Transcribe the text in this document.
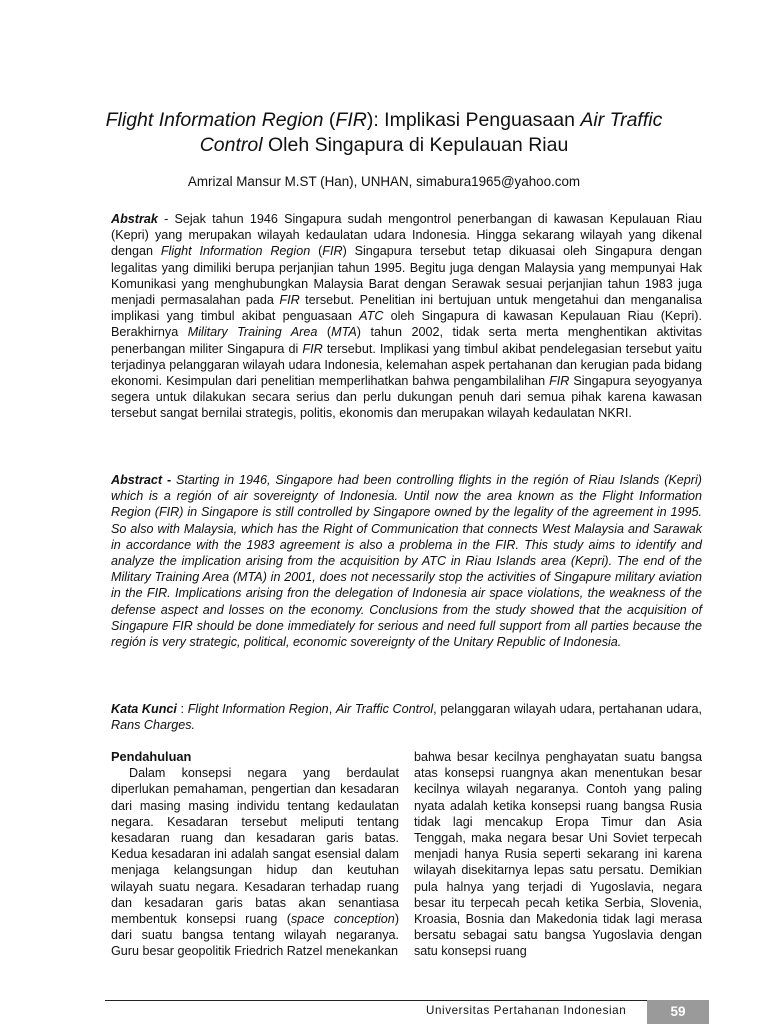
Flight Information Region (FIR): Implikasi Penguasaan Air Traffic Control Oleh Singapura di Kepulauan Riau
Amrizal Mansur M.ST (Han), UNHAN, simabura1965@yahoo.com

Abstrak - Sejak tahun 1946 Singapura sudah mengontrol penerbangan di kawasan Kepulauan Riau (Kepri) yang merupakan wilayah kedaulatan udara Indonesia. Hingga sekarang wilayah yang dikenal dengan Flight Information Region (FIR) Singapura tersebut tetap dikuasai oleh Singapura dengan legalitas yang dimiliki berupa perjanjian tahun 1995. Begitu juga dengan Malaysia yang mempunyai Hak Komunikasi yang menghubungkan Malaysia Barat dengan Serawak sesuai perjanjian tahun 1983 juga menjadi permasalahan pada FIR tersebut. Penelitian ini bertujuan untuk mengetahui dan menganalisa implikasi yang timbul akibat penguasaan ATC oleh Singapura di kawasan Kepulauan Riau (Kepri). Berakhirnya Military Training Area (MTA) tahun 2002, tidak serta merta menghentikan aktivitas penerbangan militer Singapura di FIR tersebut. Implikasi yang timbul akibat pendelegasian tersebut yaitu terjadinya pelanggaran wilayah udara Indonesia, kelemahan aspek pertahanan dan kerugian pada bidang ekonomi. Kesimpulan dari penelitian memperlihatkan bahwa pengambilalihan FIR Singapura seyogyanya segera untuk dilakukan secara serius dan perlu dukungan penuh dari semua pihak karena kawasan tersebut sangat bernilai strategis, politis, ekonomis dan merupakan wilayah kedaulatan NKRI.

Abstract - Starting in 1946, Singapore had been controlling flights in the región of Riau Islands (Kepri) which is a región of air sovereignty of Indonesia. Until now the area known as the Flight Information Region (FIR) in Singapore is still controlled by Singapore owned by the legality of the agreement in 1995. So also with Malaysia, which has the Right of Communication that connects West Malaysia and Sarawak in accordance with the 1983 agreement is also a problema in the FIR. This study aims to identify and analyze the implication arising from the acquisition by ATC in Riau Islands area (Kepri). The end of the Military Training Area (MTA) in 2001, does not necessarily stop the activities of Singapure military aviation in the FIR. Implications arising fron the delegation of Indonesia air space violations, the weakness of the defense aspect and losses on the economy. Conclusions from the study showed that the acquisition of Singapure FIR should be done immediately for serious and need full support from all parties because the región is very strategic, political, economic sovereignty of the Unitary Republic of Indonesia.

Kata Kunci : Flight Information Region, Air Traffic Control, pelanggaran wilayah udara, pertahanan udara, Rans Charges.

Pendahuluan

Dalam konsepsi negara yang berdaulat diperlukan pemahaman, pengertian dan kesadaran dari masing masing individu tentang kedaulatan negara. Kesadaran tersebut meliputi tentang kesadaran ruang dan kesadaran garis batas. Kedua kesadaran ini adalah sangat esensial dalam menjaga kelangsungan hidup dan keutuhan wilayah suatu negara. Kesadaran terhadap ruang dan kesadaran garis batas akan senantiasa membentuk konsepsi ruang (space conception) dari suatu bangsa tentang wilayah negaranya. Guru besar geopolitik Friedrich Ratzel menekankan

bahwa besar kecilnya penghayatan suatu bangsa atas konsepsi ruangnya akan menentukan besar kecilnya wilayah negaranya. Contoh yang paling nyata adalah ketika konsepsi ruang bangsa Rusia tidak lagi mencakup Eropa Timur dan Asia Tenggah, maka negara besar Uni Soviet terpecah menjadi hanya Rusia seperti sekarang ini karena wilayah disekitarnya lepas satu persatu. Demikian pula halnya yang terjadi di Yugoslavia, negara besar itu terpecah pecah ketika Serbia, Slovenia, Kroasia, Bosnia dan Makedonia tidak lagi merasa bersatu sebagai satu bangsa Yugoslavia dengan satu konsepsi ruang

Universitas Pertahanan Indonesian	59
